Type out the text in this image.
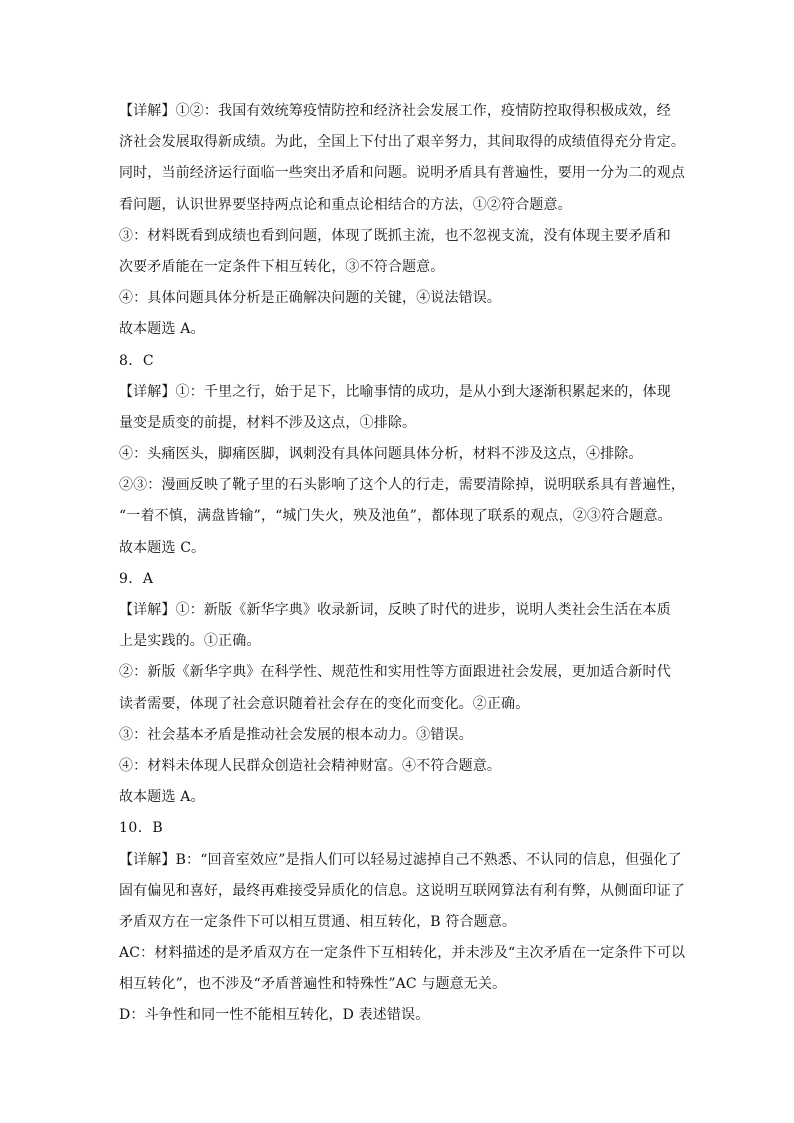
【详解】①②：我国有效统筹疫情防控和经济社会发展工作，疫情防控取得积极成效，经
济社会发展取得新成绩。为此，全国上下付出了艰辛努力，其间取得的成绩值得充分肯定。
同时，当前经济运行面临一些突出矛盾和问题。说明矛盾具有普遍性，要用一分为二的观点
看问题，认识世界要坚持两点论和重点论相结合的方法，①②符合题意。
③：材料既看到成绩也看到问题，体现了既抓主流，也不忽视支流，没有体现主要矛盾和
次要矛盾能在一定条件下相互转化，③不符合题意。
④：具体问题具体分析是正确解决问题的关键，④说法错误。
故本题选 A。
8．C
【详解】①：千里之行，始于足下，比喻事情的成功，是从小到大逐渐积累起来的，体现
量变是质变的前提，材料不涉及这点，①排除。
④：头痛医头，脚痛医脚，讽刺没有具体问题具体分析，材料不涉及这点，④排除。
②③：漫画反映了靴子里的石头影响了这个人的行走，需要清除掉，说明联系具有普遍性，
“一着不慎，满盘皆输”，“城门失火，殃及池鱼”，都体现了联系的观点，②③符合题意。
故本题选 C。
9．A
【详解】①：新版《新华字典》收录新词，反映了时代的进步，说明人类社会生活在本质
上是实践的。①正确。
②：新版《新华字典》在科学性、规范性和实用性等方面跟进社会发展，更加适合新时代
读者需要，体现了社会意识随着社会存在的变化而变化。②正确。
③：社会基本矛盾是推动社会发展的根本动力。③错误。
④：材料未体现人民群众创造社会精神财富。④不符合题意。
故本题选 A。
10．B
【详解】B：“回音室效应”是指人们可以轻易过滤掉自己不熟悉、不认同的信息，但强化了
固有偏见和喜好，最终再难接受异质化的信息。这说明互联网算法有利有弊，从侧面印证了
矛盾双方在一定条件下可以相互贯通、相互转化，B 符合题意。
AC：材料描述的是矛盾双方在一定条件下互相转化，并未涉及“主次矛盾在一定条件下可以
相互转化”，也不涉及“矛盾普遍性和特殊性”AC 与题意无关。
D：斗争性和同一性不能相互转化，D 表述错误。
